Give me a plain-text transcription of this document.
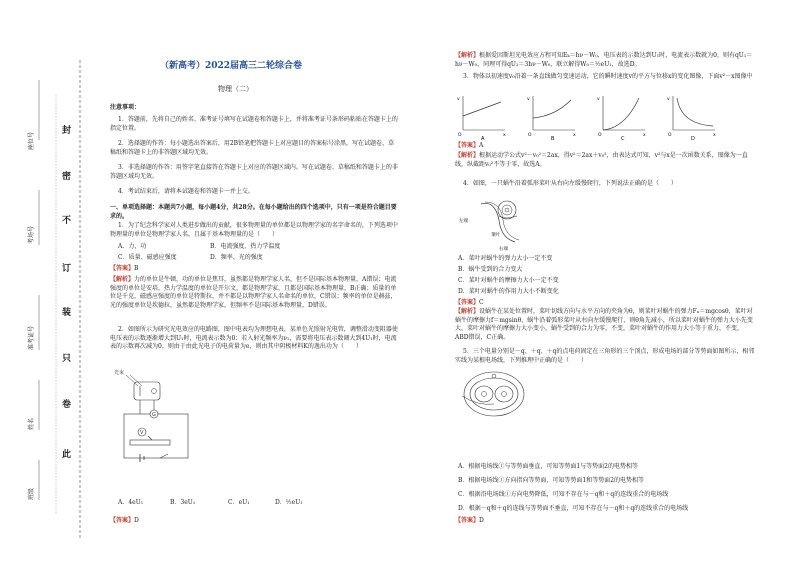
封
密
不
订
装
只
卷
此
座位号
考场号
准考证号
姓名
班级
（新高考）2022届高三二轮综合卷
物理（二）
注意事项：
1．答题前，先将自己的姓名、准考证号填写在试题卷和答题卡上，并将准考证号条形码粘贴在答题卡上的指定位置。
2．选择题的作答：每小题选出答案后，用2B铅笔把答题卡上对应题目的答案标号涂黑，写在试题卷、草稿纸和答题卡上的非答题区域均无效。
3．非选择题的作答：用签字笔直接答在答题卡上对应的答题区域内。写在试题卷、草稿纸和答题卡上的非答题区域均无效。
4．考试结束后，请将本试题卷和答题卡一并上交。
一、单项选择题：本题共7小题，每小题4分，共28分。在每小题给出的四个选项中，只有一项是符合题目要求的。
1．为了纪念科学家对人类进步做出的贡献，很多物理量的单位都是以物理学家的名字命名的，下列选项中物理量的单位是物理学家人名，且属于基本物理量的是（　　）
A．力、功	B．电流强度、热力学温度
C．质量、磁感应强度	D．频率、光的强度
【答案】B
【解析】力的单位是牛顿，功的单位是焦耳，虽然都是物理学家人名，但不是国际基本物理量，A错误；电流强度的单位是安培，热力学温度的单位是开尔文，都是物理学家，且都是国际基本物理量，B正确；质量的单位是千克，磁感应强度的单位是特斯拉，并不都是以物理学家人名命名的单位，C错误；频率的单位是赫兹，光的强度单位是坎德拉，虽然都是物理学家，但频率不是国际基本物理量，D错误。
2．如图所示为研究光电效应的电路图，图中电表均为理想电表，某单色光照射光电管，调整滑动变阻器使电压表的示数逐渐增大到U₁时，电流表示数为0；若入射光频率为ν₁，需要将电压表示数调大到4U₁时，电流表的示数再次减为0，则由于由此光电子的电荷量为e，则由其中阴极材料K的逸出功为（　　）
光束
G
V
A．4eU₁	B．3eU₁	C．eU₁	D．½eU₁
【答案】D
【解析】根据爱因斯坦光电效应方程可知Eₖ＝hν－W₀，电压表的示数达到U₁时，电流表示数就为0，则有qU₁＝hν－W₀，同理可得qU₂＝3hν－W₀，联立解得W₀＝½eU₁，故选D。
3．物体以初速度v₀沿着一条直线做匀变速运动，它的瞬时速度v的平方与位移x的变化图像，下面v²－x图像中
v
O	x
A
v
O	x
B
v
O	x
C
v
O	x
D
【答案】A
【解析】根据运动学公式v²－v₀²＝2ax，得v²＝2ax＋v₀²，由表达式可知，v²与x是一次函数关系，图像为一直线，纵截距v₀²不等于零，故选A。
4．如图，一只蜗牛沿着弧形菜叶从右向左缓慢爬行，下列说法正确的是（　　）
左端
菜叶
右端
A．菜叶对蜗牛的弹力大小一定不变
B．蜗牛受到的合力变大
C．菜叶对蜗牛的摩擦力大小一定不变
D．菜叶对蜗牛的作用力大小不断变化
【答案】C
【解析】设蜗牛在某处位置时，菜叶切线方向与水平方向的夹角为θ，则菜叶对蜗牛的弹力Fₙ＝mgcosθ，菜叶对蜗牛的摩擦力f＝mgsinθ，蜗牛沿着弧形菜叶从右向左缓慢爬行，则θ角先减小，所以菜叶对蜗牛的弹力大小先变大，菜叶对蜗牛的摩擦力大小变小，蜗牛受到的合力为零，不变，菜叶对蜗牛的作用力大小等于重力，不变，ABD错误，C正确。
5．三个电量分别是－q、＋q、＋q的点电荷固定在三角形的三个顶点，形成电场的部分等势面如图所示，相邻实线为某根电场线，下列推理中正确的是（　　）
A．根据电场线①与等势面垂直，可知等势面1与等势面2的电势相等
B．根据电场线①方向指向等势面，可知等势面1和等势面2的电势相等
C．根据沿电场线①方向电势降低，可知不存在与－q和＋q的连线重合的电场线
D．根据－q和＋q的连线与等势面不垂直，可知不存在与－q和＋q的连线重合的电场线
【答案】D
